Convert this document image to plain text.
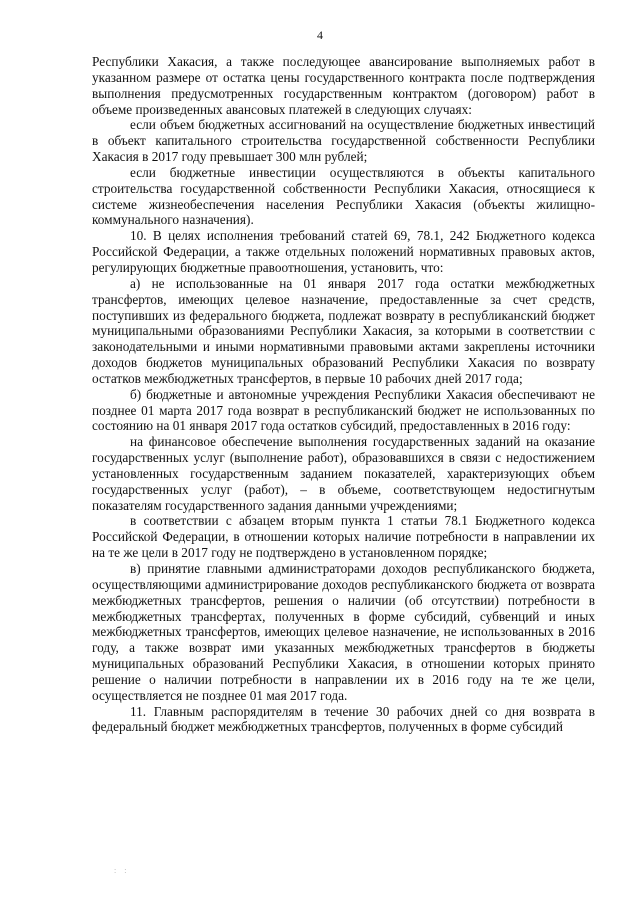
4

Республики Хакасия, а также последующее авансирование выполняемых работ в указанном размере от остатка цены государственного контракта после подтверждения выполнения предусмотренных государственным контрактом (договором) работ в объеме произведенных авансовых платежей в следующих случаях:

если объем бюджетных ассигнований на осуществление бюджетных инвестиций в объект капитального строительства государственной собственности Республики Хакасия в 2017 году превышает 300 млн рублей;

если бюджетные инвестиции осуществляются в объекты капитального строительства государственной собственности Республики Хакасия, относящиеся к системе жизнеобеспечения населения Республики Хакасия (объекты жилищно-коммунального назначения).

10. В целях исполнения требований статей 69, 78.1, 242 Бюджетного кодекса Российской Федерации, а также отдельных положений нормативных правовых актов, регулирующих бюджетные правоотношения, установить, что:

а) не использованные на 01 января 2017 года остатки межбюджетных трансфертов, имеющих целевое назначение, предоставленные за счет средств, поступивших из федерального бюджета, подлежат возврату в республиканский бюджет муниципальными образованиями Республики Хакасия, за которыми в соответствии с законодательными и иными нормативными правовыми актами закреплены источники доходов бюджетов муниципальных образований Республики Хакасия по возврату остатков межбюджетных трансфертов, в первые 10 рабочих дней 2017 года;

б) бюджетные и автономные учреждения Республики Хакасия обеспечивают не позднее 01 марта 2017 года возврат в республиканский бюджет не использованных по состоянию на 01 января 2017 года остатков субсидий, предоставленных в 2016 году:

на финансовое обеспечение выполнения государственных заданий на оказание государственных услуг (выполнение работ), образовавшихся в связи с недостижением установленных государственным заданием показателей, характеризующих объем государственных услуг (работ), – в объеме, соответствующем недостигнутым показателям государственного задания данными учреждениями;

в соответствии с абзацем вторым пункта 1 статьи 78.1 Бюджетного кодекса Российской Федерации, в отношении которых наличие потребности в направлении их на те же цели в 2017 году не подтверждено в установленном порядке;

в) принятие главными администраторами доходов республиканского бюджета, осуществляющими администрирование доходов республиканского бюджета от возврата межбюджетных трансфертов, решения о наличии (об отсутствии) потребности в межбюджетных трансфертах, полученных в форме субсидий, субвенций и иных межбюджетных трансфертов, имеющих целевое назначение, не использованных в 2016 году, а также возврат ими указанных межбюджетных трансфертов в бюджеты муниципальных образований Республики Хакасия, в отношении которых принято решение о наличии потребности в направлении их в 2016 году на те же цели, осуществляется не позднее 01 мая 2017 года.

11. Главным распорядителям в течение 30 рабочих дней со дня возврата в федеральный бюджет межбюджетных трансфертов, полученных в форме субсидий

: :
